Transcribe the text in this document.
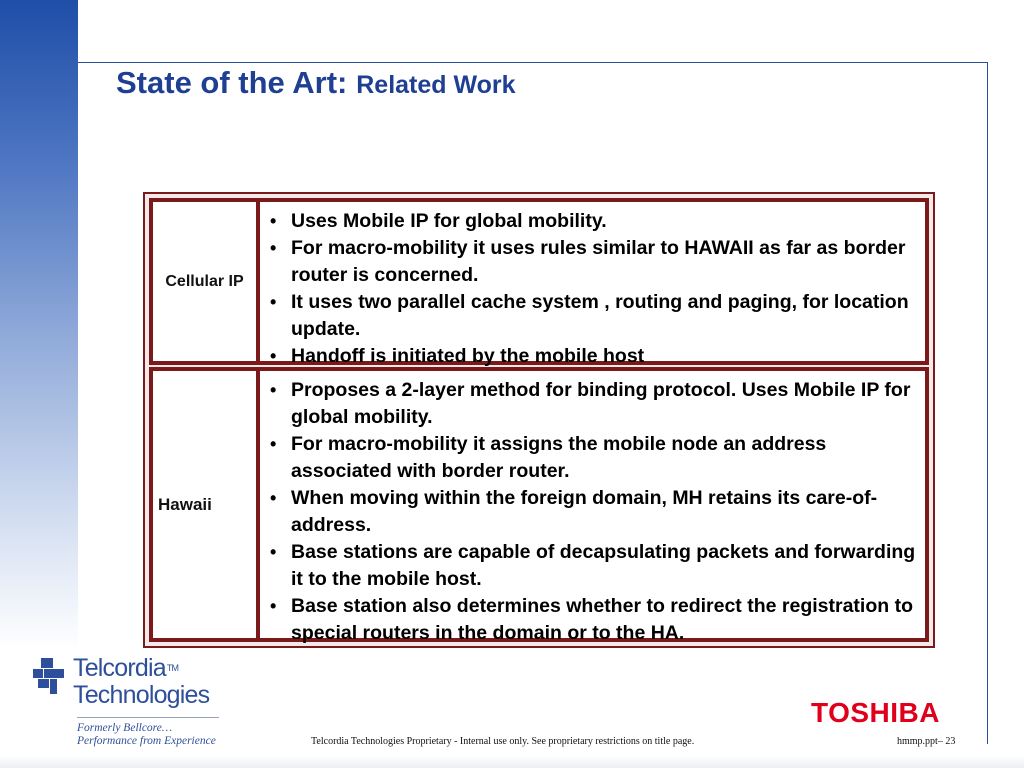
State of the Art: Related Work
Cellular IP
• Uses Mobile IP for global mobility.
• For macro-mobility it uses rules similar to HAWAII as far as border router is concerned.
• It uses two parallel cache system , routing and paging, for location update.
• Handoff is initiated by the mobile host
Hawaii
• Proposes a 2-layer method for binding protocol. Uses Mobile IP for global mobility.
• For macro-mobility it assigns the mobile node an address associated with border router.
• When moving within the foreign domain, MH retains its care-of-address.
• Base stations are capable of decapsulating packets and forwarding it to the mobile host.
• Base station also determines whether to redirect the registration to special routers in the domain or to the HA.
Telcordia™
Technologies
Formerly Bellcore…
Performance from Experience
TOSHIBA
Telcordia Technologies Proprietary - Internal use only. See proprietary restrictions on title page.	hmmp.ppt– 23
